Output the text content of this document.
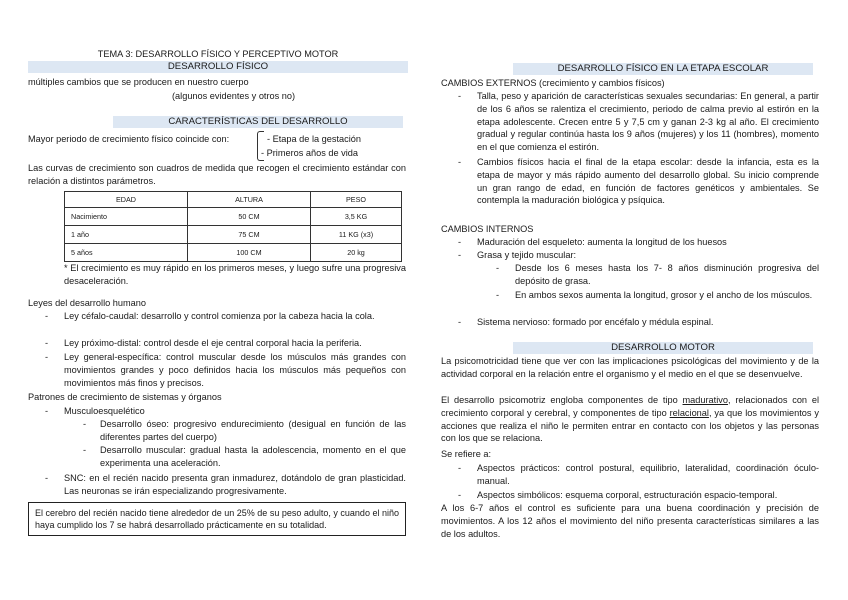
TEMA 3: DESARROLLO FÍSICO Y PERCEPTIVO MOTOR
DESARROLLO FÍSICO
múltiples cambios que se producen en nuestro cuerpo
(algunos evidentes y otros no)
CARACTERÍSTICAS DEL DESARROLLO
Mayor periodo de crecimiento físico coincide con:	- Etapa de la gestación
- Primeros años de vida
Las curvas de crecimiento son cuadros de medida que recogen el crecimiento estándar con relación a distintos parámetros.
EDAD	ALTURA	PESO
Nacimiento	50 CM	3,5 KG
1 año	75 CM	11 KG (x3)
5 años	100 CM	20 kg
* El crecimiento es muy rápido en los primeros meses, y luego sufre una progresiva desaceleración.
Leyes del desarrollo humano
- Ley céfalo-caudal: desarrollo y control comienza por la cabeza hacia la cola.
- Ley próximo-distal: control desde el eje central corporal hacia la periferia.
- Ley general-específica: control muscular desde los músculos más grandes con movimientos grandes y poco definidos hacia los músculos más pequeños con movimientos más finos y precisos.
Patrones de crecimiento de sistemas y órganos
- Musculoesquelético
- Desarrollo óseo: progresivo endurecimiento (desigual en función de las diferentes partes del cuerpo)
- Desarrollo muscular: gradual hasta la adolescencia, momento en el que experimenta una aceleración.
- SNC: en el recién nacido presenta gran inmadurez, dotándolo de gran plasticidad. Las neuronas se irán especializando progresivamente.
El cerebro del recién nacido tiene alrededor de un 25% de su peso adulto, y cuando el niño haya cumplido los 7 se habrá desarrollado prácticamente en su totalidad.
DESARROLLO FÍSICO EN LA ETAPA ESCOLAR
CAMBIOS EXTERNOS (crecimiento y cambios físicos)
- Talla, peso y aparición de características sexuales secundarias: En general, a partir de los 6 años se ralentiza el crecimiento, periodo de calma previo al estirón en la etapa adolescente. Crecen entre 5 y 7,5 cm y ganan 2-3 kg al año. El crecimiento gradual y regular continúa hasta los 9 años (mujeres) y los 11 (hombres), momento en el que comienza el estirón.
- Cambios físicos hacia el final de la etapa escolar: desde la infancia, esta es la etapa de mayor y más rápido aumento del desarrollo global. Su inicio comprende un gran rango de edad, en función de factores genéticos y ambientales. Se contempla la maduración biológica y psíquica.
CAMBIOS INTERNOS
- Maduración del esqueleto: aumenta la longitud de los huesos
- Grasa y tejido muscular:
- Desde los 6 meses hasta los 7- 8 años disminución progresiva del depósito de grasa.
- En ambos sexos aumenta la longitud, grosor y el ancho de los músculos.
- Sistema nervioso: formado por encéfalo y médula espinal.
DESARROLLO MOTOR
La psicomotricidad tiene que ver con las implicaciones psicológicas del movimiento y de la actividad corporal en la relación entre el organismo y el medio en el que se desenvuelve.
El desarrollo psicomotriz engloba componentes de tipo madurativo, relacionados con el crecimiento corporal y cerebral, y componentes de tipo relacional, ya que los movimientos y acciones que realiza el niño le permiten entrar en contacto con los objetos y las personas con los que se relaciona.
Se refiere a:
- Aspectos prácticos: control postural, equilibrio, lateralidad, coordinación óculo-manual.
- Aspectos simbólicos: esquema corporal, estructuración espacio-temporal.
A los 6-7 años el control es suficiente para una buena coordinación y precisión de movimientos. A los 12 años el movimiento del niño presenta características similares a las de los adultos.
